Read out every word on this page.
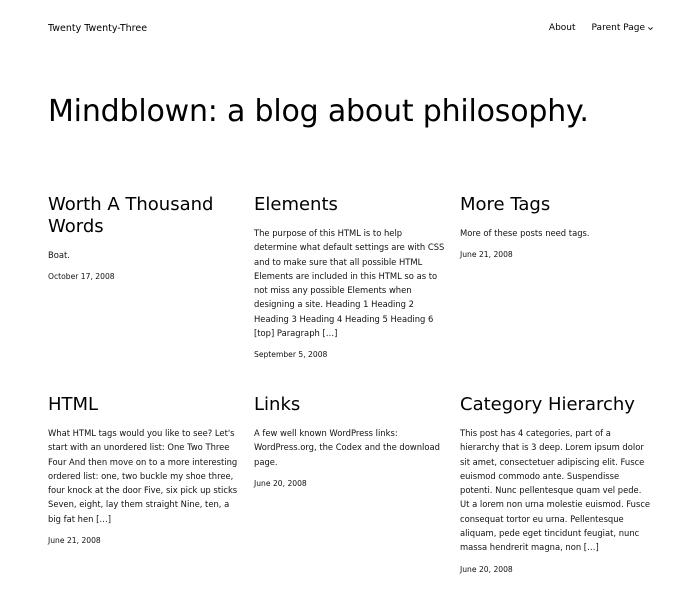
Twenty Twenty-Three	About Parent Page
Mindblown: a blog about philosophy.
Worth A Thousand Words

Boat.

October 17, 2008
Elements

The purpose of this HTML is to help determine what default settings are with CSS and to make sure that all possible HTML Elements are included in this HTML so as to not miss any possible Elements when designing a site. Heading 1 Heading 2 Heading 3 Heading 4 Heading 5 Heading 6 [top] Paragraph […]

September 5, 2008
More Tags

More of these posts need tags.

June 21, 2008
HTML

What HTML tags would you like to see? Let's start with an unordered list: One Two Three Four And then move on to a more interesting ordered list: one, two buckle my shoe three, four knock at the door Five, six pick up sticks Seven, eight, lay them straight Nine, ten, a big fat hen […]

June 21, 2008
Links

A few well known WordPress links: WordPress.org, the Codex and the download page.

June 20, 2008
Category Hierarchy

This post has 4 categories, part of a hierarchy that is 3 deep. Lorem ipsum dolor sit amet, consectetuer adipiscing elit. Fusce euismod commodo ante. Suspendisse potenti. Nunc pellentesque quam vel pede. Ut a lorem non urna molestie euismod. Fusce consequat tortor eu urna. Pellentesque aliquam, pede eget tincidunt feugiat, nunc massa hendrerit magna, non […]

June 20, 2008
